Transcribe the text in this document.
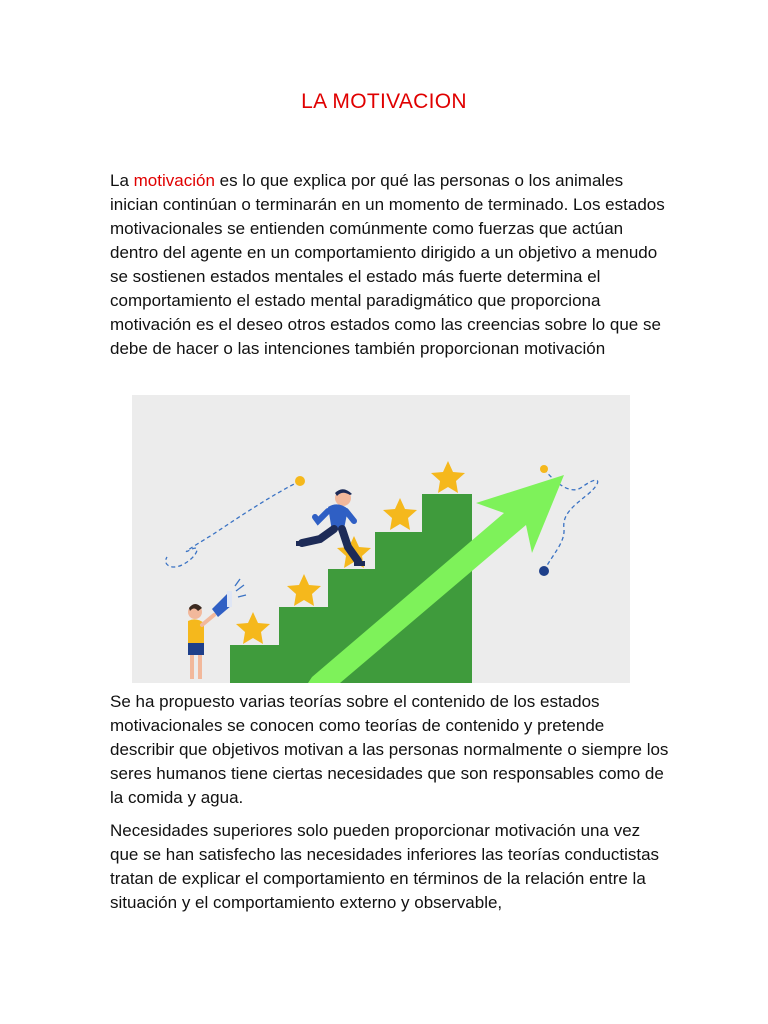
LA MOTIVACION

La motivación es lo que explica por qué las personas o los animales inician continúan o terminarán en un momento de terminado. Los estados motivacionales se entienden comúnmente como fuerzas que actúan dentro del agente en un comportamiento dirigido a un objetivo a menudo se sostienen estados mentales el estado más fuerte determina el comportamiento el estado mental paradigmático que proporciona motivación es el deseo otros estados como las creencias sobre lo que se debe de hacer o las intenciones también proporcionan motivación

Se ha propuesto varias teorías sobre el contenido de los estados motivacionales se conocen como teorías de contenido y pretende describir que objetivos motivan a las personas normalmente o siempre los seres humanos tiene ciertas necesidades que son responsables como de la comida y agua.

Necesidades superiores solo pueden proporcionar motivación una vez que se han satisfecho las necesidades inferiores las teorías conductistas tratan de explicar el comportamiento en términos de la relación entre la situación y el comportamiento externo y observable,
